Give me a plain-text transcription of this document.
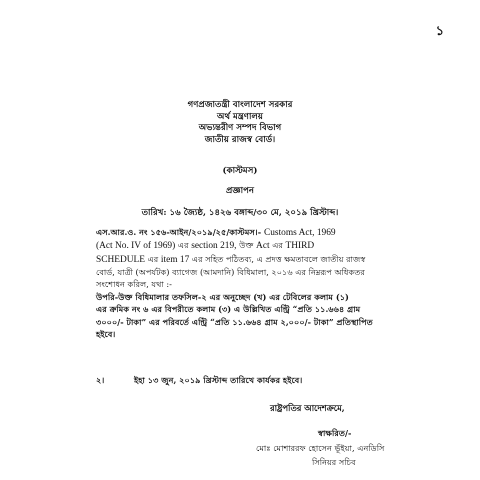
১
গণপ্রজাতন্ত্রী বাংলাদেশ সরকার
অর্থ মন্ত্রণালয়
অভ্যন্তরীণ সম্পদ বিভাগ
জাতীয় রাজস্ব বোর্ড।
(কাস্টমস)
প্রজ্ঞাপন
তারিখ: ১৬ জ্যৈষ্ঠ, ১৪২৬ বঙ্গাব্দ/৩০ মে, ২০১৯ খ্রিস্টাব্দ।
এস.আর.ও. নং ১৫৬-আইন/২০১৯/২৫/কাস্টমস।- Customs Act, 1969
(Act No. IV of 1969) এর section 219, উক্ত Act এর THIRD
SCHEDULE এর item 17 এর সহিত পঠিতব্য, এ প্রদত্ত ক্ষমতাবলে জাতীয় রাজস্ব
বোর্ড, যাত্রী (অপর্যটক) ব্যাগেজ (আমদানি) বিধিমালা, ২০১৬ এর নিম্নরূপ অধিকতর
সংশোধন করিল, যথা :-
উপরি-উক্ত বিধিমালার তফসিল-২ এর অনুচ্ছেদ (খ) এর টেবিলের কলাম (১)
এর ক্রমিক নং ৬ এর বিপরীতে কলাম (৩) এ উল্লিখিত এন্ট্রি “প্রতি ১১.৬৬৪ গ্রাম
৩০০০/- টাকা” এর পরিবর্তে এন্ট্রি “প্রতি ১১.৬৬৪ গ্রাম ২,০০০/- টাকা” প্রতিস্থাপিত
হইবে।
২।	ইহা ১৩ জুন, ২০১৯ খ্রিস্টাব্দ তারিখে কার্যকর হইবে।
রাষ্ট্রপতির আদেশক্রমে,
স্বাক্ষরিত/-
মোঃ মোশাররফ হোসেন ভূঁইয়া, এনডিসি
সিনিয়র সচিব
